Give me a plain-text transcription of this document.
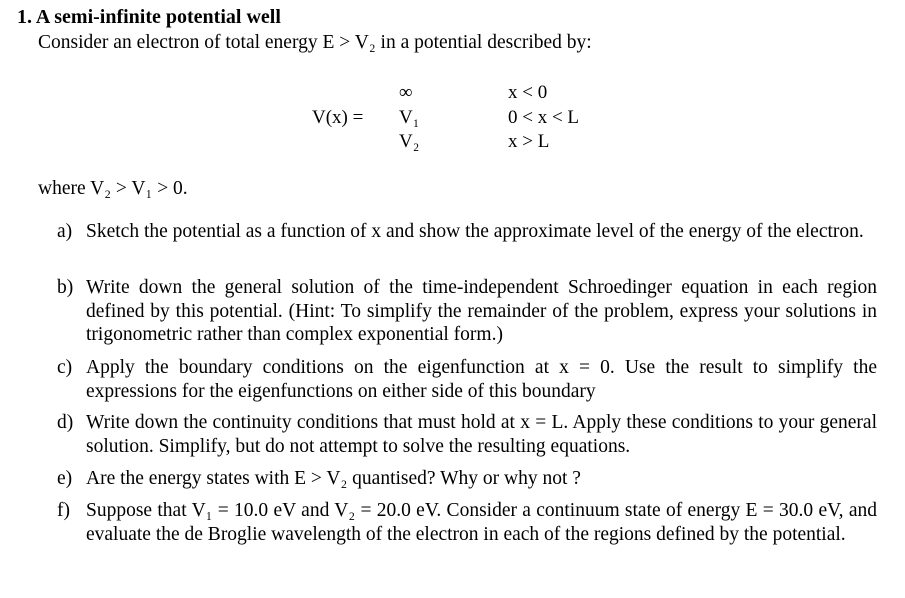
1. A semi-infinite potential well
Consider an electron of total energy E > V₂ in a potential described by:
V(x) =
∞
V₁
V₂
x < 0
0 < x < L
x > L
where V₂ > V₁ > 0.
a) Sketch the potential as a function of x and show the approximate level of the energy of the electron.
b) Write down the general solution of the time-independent Schroedinger equation in each region defined by this potential. (Hint: To simplify the remainder of the problem, express your solutions in trigonometric rather than complex exponential form.)
c) Apply the boundary conditions on the eigenfunction at x = 0. Use the result to simplify the expressions for the eigenfunctions on either side of this boundary
d) Write down the continuity conditions that must hold at x = L. Apply these conditions to your general solution. Simplify, but do not attempt to solve the resulting equations.
e) Are the energy states with E > V₂ quantised? Why or why not ?
f) Suppose that V₁ = 10.0 eV and V₂ = 20.0 eV. Consider a continuum state of energy E = 30.0 eV, and evaluate the de Broglie wavelength of the electron in each of the regions defined by the potential.
